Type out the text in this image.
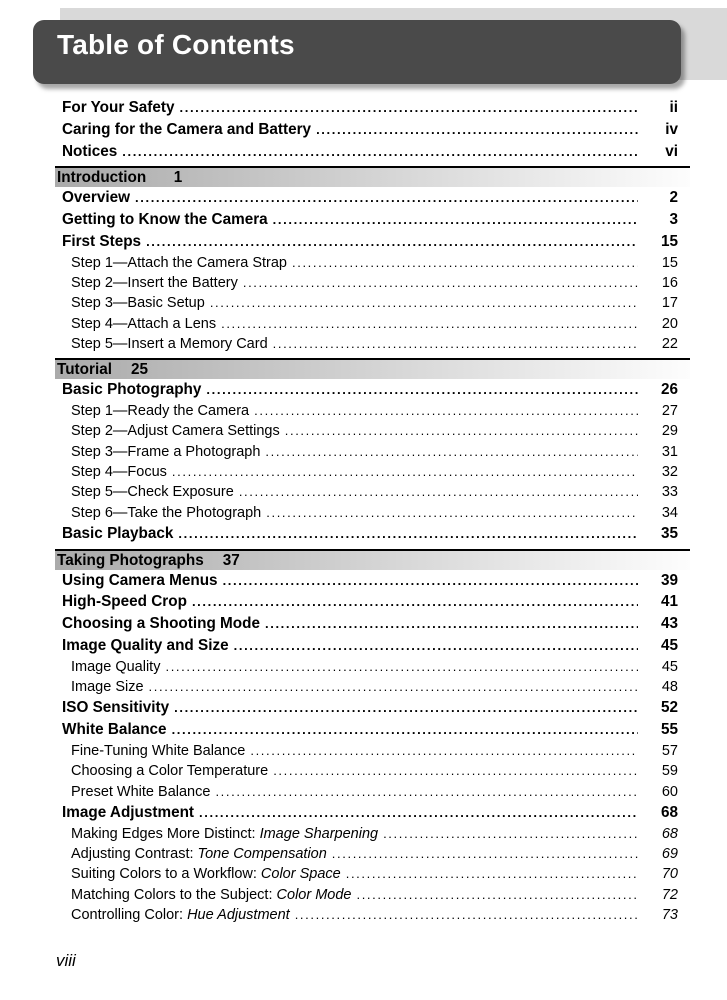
Table of Contents
For Your Safety . . .	ii
Caring for the Camera and Battery . . .	iv
Notices . . .	vi
Introduction	1
Overview . . .	2
Getting to Know the Camera . . .	3
First Steps . . .	15
Step 1—Attach the Camera Strap . . .	15
Step 2—Insert the Battery . . .	16
Step 3—Basic Setup . . .	17
Step 4—Attach a Lens . . .	20
Step 5—Insert a Memory Card . . .	22
Tutorial	25
Basic Photography . . .	26
Step 1—Ready the Camera . . .	27
Step 2—Adjust Camera Settings . . .	29
Step 3—Frame a Photograph . . .	31
Step 4—Focus . . .	32
Step 5—Check Exposure . . .	33
Step 6—Take the Photograph . . .	34
Basic Playback . . .	35
Taking Photographs	37
Using Camera Menus . . .	39
High-Speed Crop . . .	41
Choosing a Shooting Mode . . .	43
Image Quality and Size . . .	45
Image Quality . . .	45
Image Size . . .	48
ISO Sensitivity . . .	52
White Balance . . .	55
Fine-Tuning White Balance . . .	57
Choosing a Color Temperature . . .	59
Preset White Balance . . .	60
Image Adjustment . . .	68
Making Edges More Distinct: Image Sharpening . . .	68
Adjusting Contrast: Tone Compensation . . .	69
Suiting Colors to a Workflow: Color Space . . .	70
Matching Colors to the Subject: Color Mode . . .	72
Controlling Color: Hue Adjustment . . .	73
viii
